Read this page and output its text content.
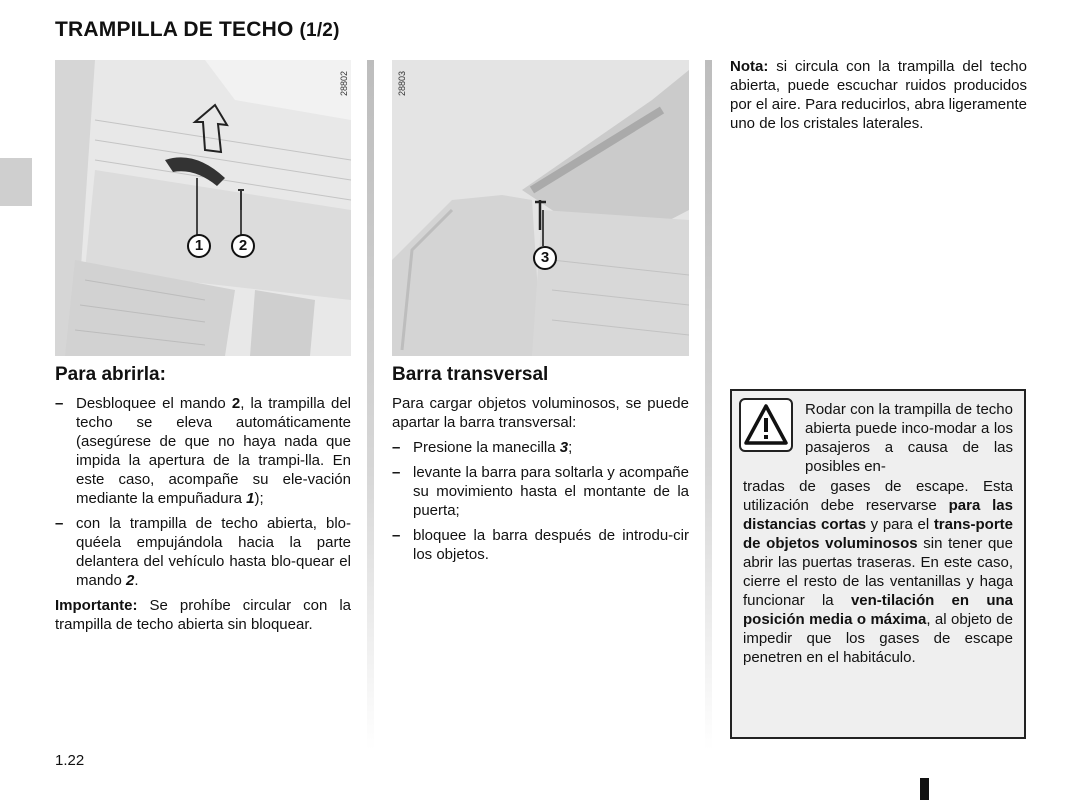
TRAMPILLA DE TECHO (1/2)
1	2
28802
3
28803
Para abrirla:
– Desbloquee el mando 2, la trampilla del techo se eleva automáticamente (asegúrese de que no haya nada que impida la apertura de la trampi-lla. En este caso, acompañe su ele-vación mediante la empuñadura 1);
– con la trampilla de techo abierta, blo-quéela empujándola hacia la parte delantera del vehículo hasta blo-quear el mando 2.

Importante: Se prohíbe circular con la trampilla de techo abierta sin bloquear.

Barra transversal

Para cargar objetos voluminosos, se puede apartar la barra transversal:

– Presione la manecilla 3;
– levante la barra para soltarla y acompañe su movimiento hasta el montante de la puerta;
– bloquee la barra después de introdu-cir los objetos.
Nota: si circula con la trampilla del techo abierta, puede escuchar ruidos producidos por el aire. Para reducirlos, abra ligeramente uno de los cristales laterales.
Rodar con la trampilla de techo abierta puede inco-modar a los pasajeros a causa de las posibles en-
tradas de gases de escape. Esta utilización debe reservarse para las distancias cortas y para el trans-porte de objetos voluminosos sin tener que abrir las puertas traseras. En este caso, cierre el resto de las ventanillas y haga funcionar la ven-tilación en una posición media o máxima, al objeto de impedir que los gases de escape penetren en el habitáculo.
1.22
